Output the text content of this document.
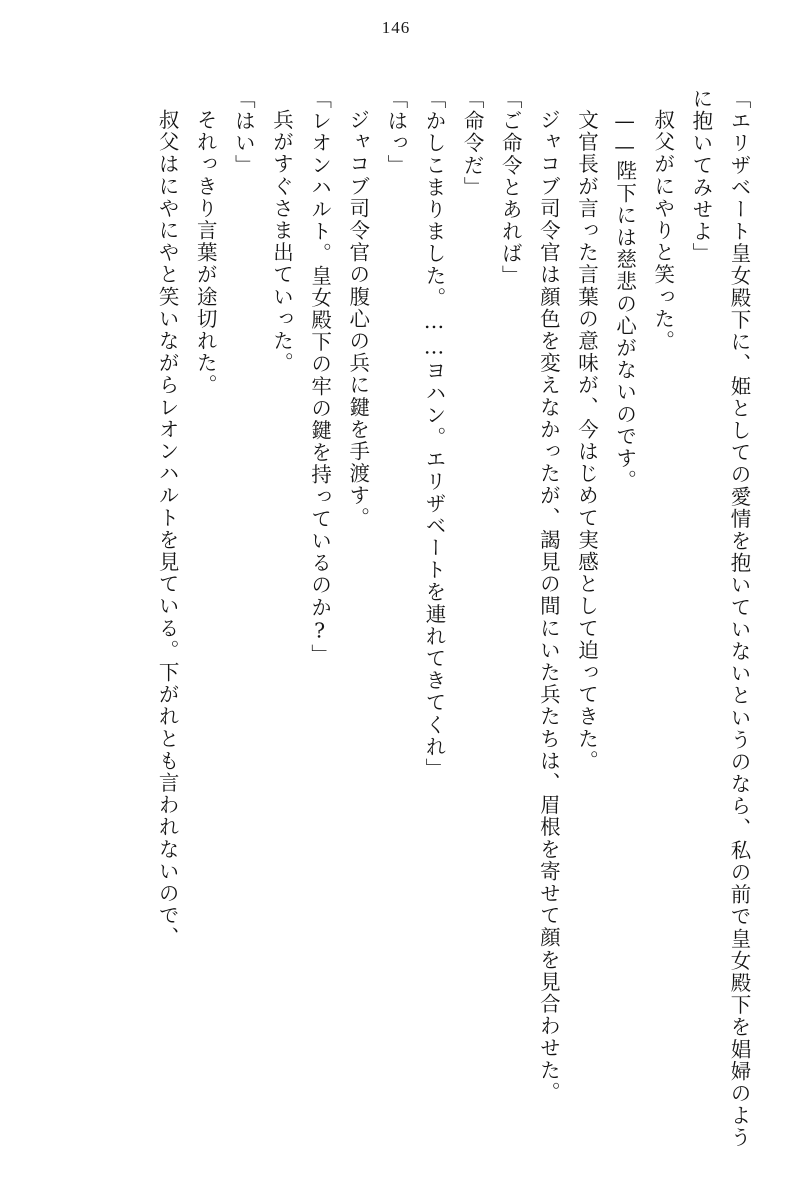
146

「エリザベート皇女殿下に、姫としての愛情を抱いていないというのなら、私の前で皇女殿下を娼婦のように抱いてみせよ」

叔父がにやりと笑った。

——陛下には慈悲の心がないのです。

文官長が言った言葉の意味が、今はじめて実感として迫ってきた。

ジャコブ司令官は顔色を変えなかったが、謁見の間にいた兵たちは、眉根を寄せて顔を見合わせた。

「ご命令とあれば」

「命令だ」

「かしこまりました。……ヨハン。エリザベートを連れてきてくれ」

「はっ」

ジャコブ司令官の腹心の兵に鍵を手渡す。

「レオンハルト。皇女殿下の牢の鍵を持っているのか?」

兵がすぐさま出ていった。

「はい」

それっきり言葉が途切れた。

叔父はにやにやと笑いながらレオンハルトを見ている。下がれとも言われないので、
